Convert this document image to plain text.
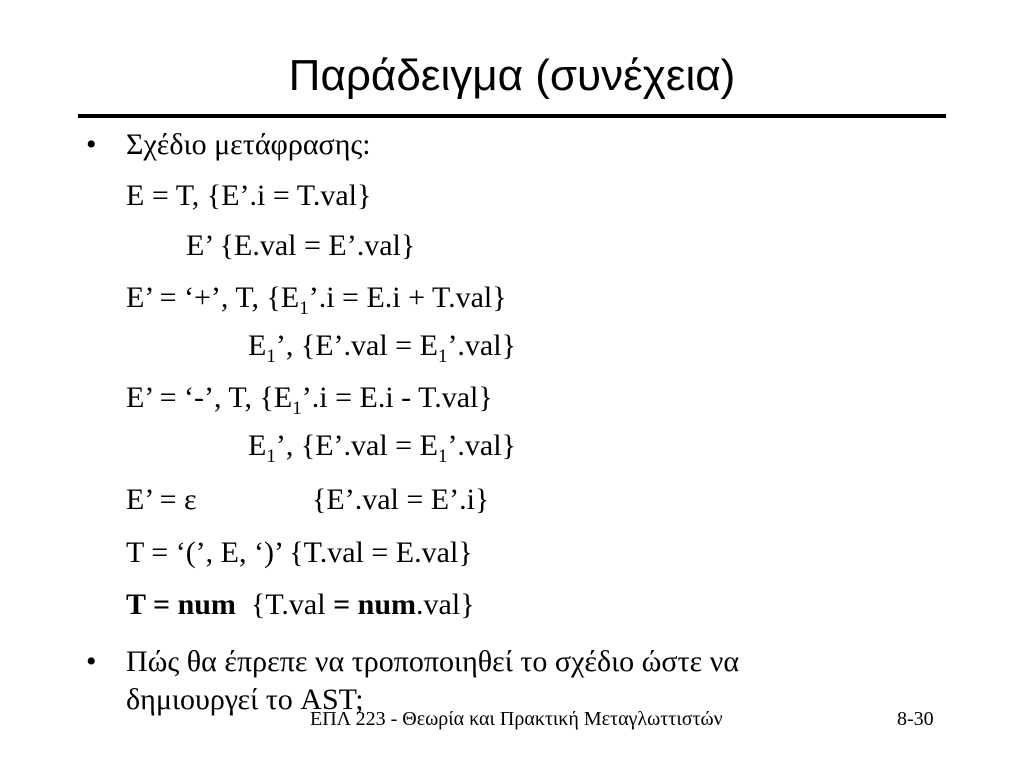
Παράδειγμα (συνέχεια)
• Σχέδιο μετάφρασης:
E = T, {E’.i = T.val}
E’ {E.val = E’.val}
E’ = ‘+’, T, $\{E_1’.i = E.i + T.val\}$
$E_1$’, {E’.val = $E_1’.val$}
E’ = ‘-’, T, $\{E_1’.i = E.i - T.val\}$
$E_1$’, {E’.val = $E_1’.val$}
E’ = ε	{E’.val = E’.i}
T = ‘(’, E, ‘)’ {T.val = E.val}
T = num {T.val = num.val}
• Πώς θα έπρεπε να τροποποιηθεί το σχέδιο ώστε να
δημιουργεί το AST;
ΕΠΛ 223 - Θεωρία και Πρακτική Μεταγλωττιστών	8-30
